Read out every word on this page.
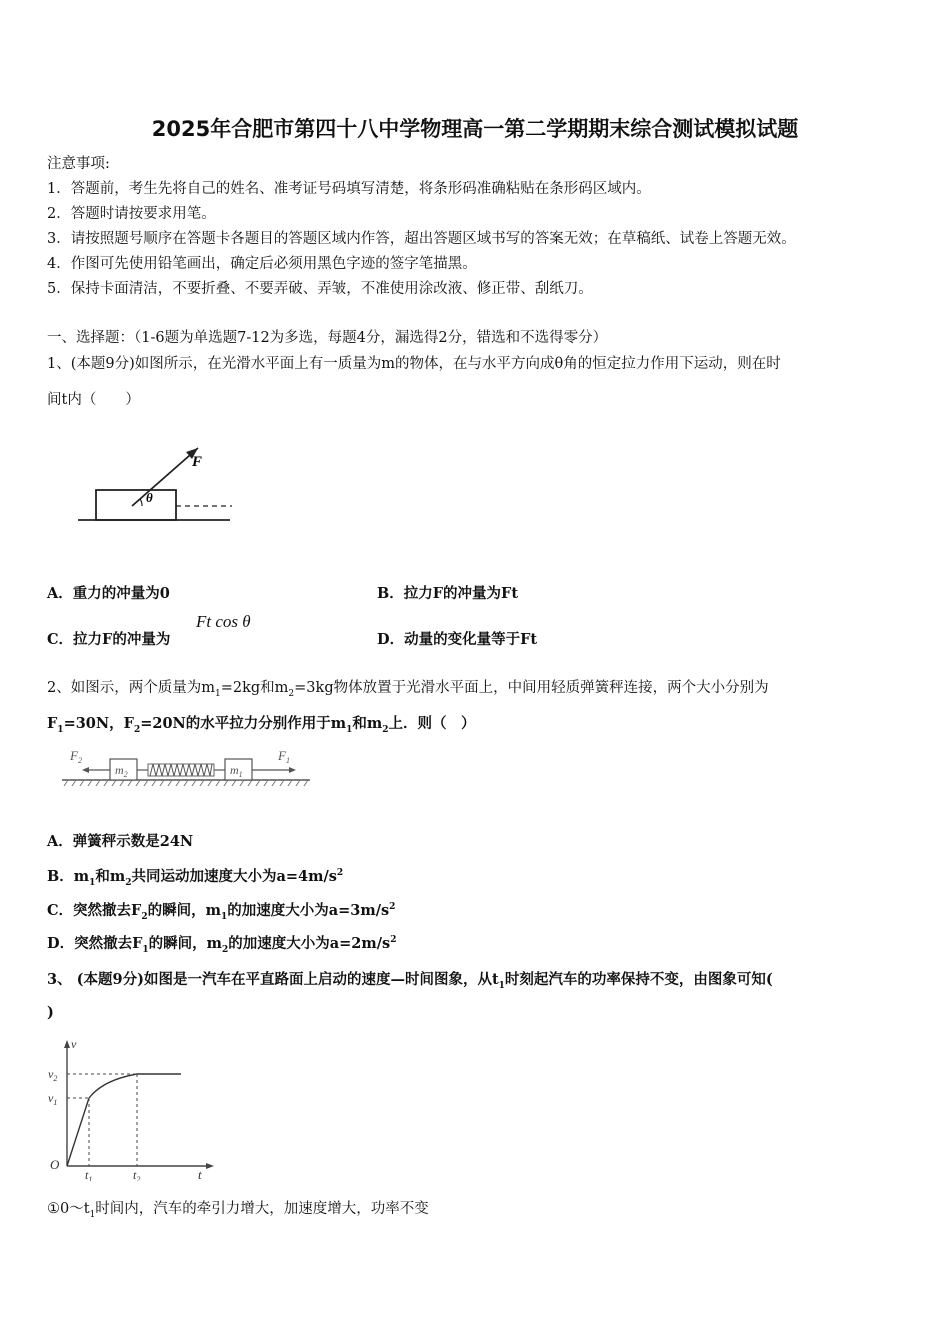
2025年合肥市第四十八中学物理高一第二学期期末综合测试模拟试题
注意事项:
1．答题前，考生先将自己的姓名、准考证号码填写清楚，将条形码准确粘贴在条形码区域内。
2．答题时请按要求用笔。
3．请按照题号顺序在答题卡各题目的答题区域内作答，超出答题区域书写的答案无效；在草稿纸、试卷上答题无效。
4．作图可先使用铅笔画出，确定后必须用黑色字迹的签字笔描黑。
5．保持卡面清洁，不要折叠、不要弄破、弄皱，不准使用涂改液、修正带、刮纸刀。
一、选择题：（1-6题为单选题7-12为多选，每题4分，漏选得2分，错选和不选得零分）
1、(本题9分)如图所示，在光滑水平面上有一质量为m的物体，在与水平方向成θ角的恒定拉力作用下运动，则在时
间t内（　　）
F
θ
A．重力的冲量为0	B．拉力F的冲量为Ft
C．拉力F的冲量为
Ft cos θ
D．动量的变化量等于Ft
2、如图示，两个质量为$m_1=2kg$和$m_2=3kg$物体放置于光滑水平面上，中间用轻质弹簧秤连接，两个大小分别为
$F_1=30N$，$F_2=20N$的水平拉力分别作用于$m_1$和$m_2$上．则（　）
$F_2$	$F_1$
$m_2$	$m_1$
A．弹簧秤示数是24N
B．$m_1$和$m_2$共同运动加速度大小为$a=4m/s^2$
C．突然撤去$F_2$的瞬间，$m_1$的加速度大小为$a=3m/s^2$
D．突然撤去$F_1$的瞬间，$m_2$的加速度大小为$a=2m/s^2$
3、 (本题9分)如图是一汽车在平直路面上启动的速度—时间图象，从$t_1$时刻起汽车的功率保持不变，由图象可知(
)
v
$v_2$
$v_1$
O
$t_1$	$t_2$	t
$①0\sim t_1$时间内，汽车的牵引力增大，加速度增大，功率不变
